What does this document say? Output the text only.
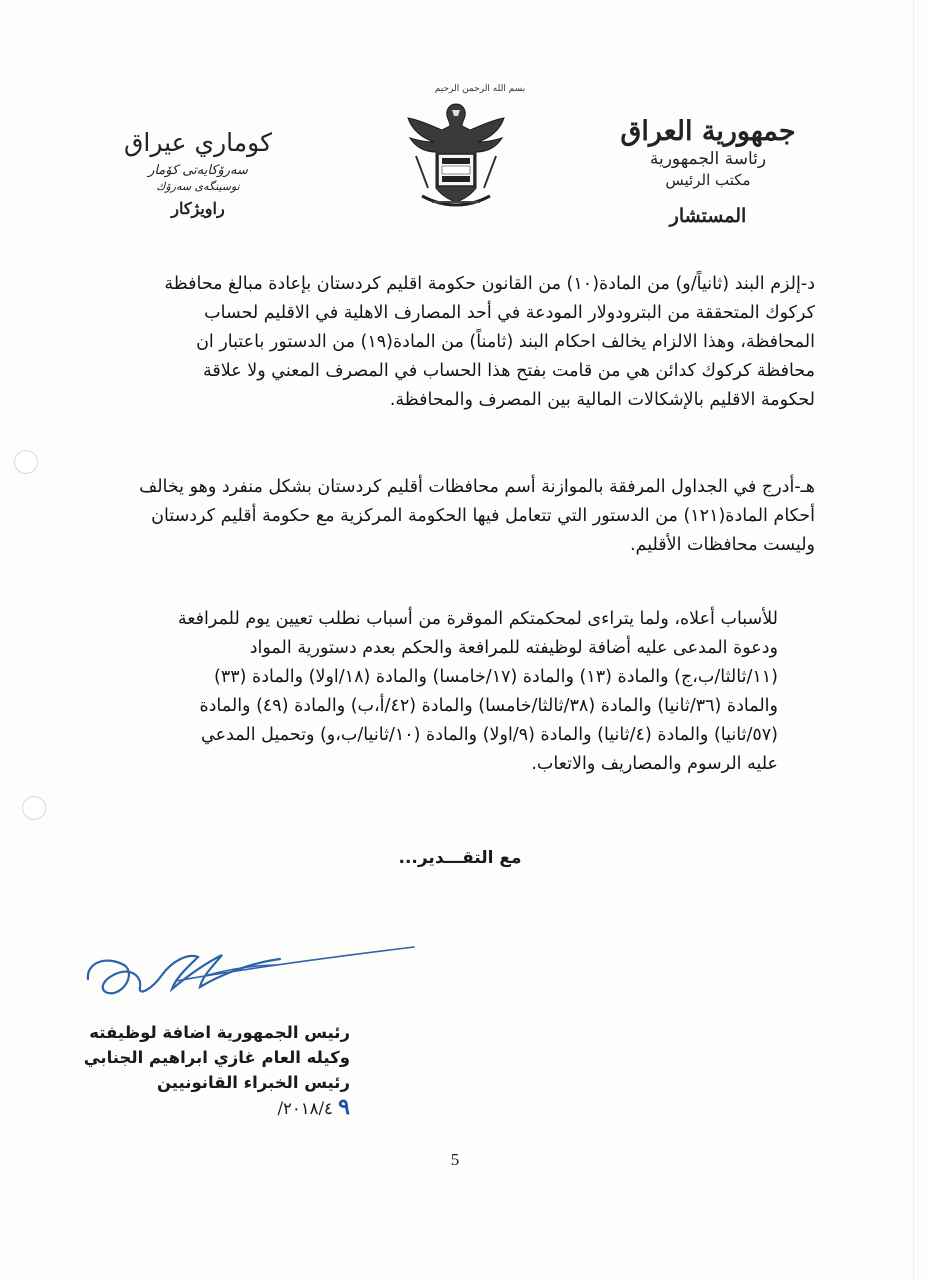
بسم الله الرحمن الرحيم
جمهورية العراق
رئاسة الجمهورية
مكتب الرئيس
المستشار
كوماري عيراق
سەرۆكايەتى كۆمار
نوسينگەى سەرۆك
راويژكار
د-إلزم البند (ثانياً/و) من المادة(١٠) من القانون حكومة اقليم كردستان بإعادة مبالغ محافظة
كركوك المتحققة من البترودولار المودعة في أحد المصارف الاهلية في الاقليم لحساب
المحافظة، وهذا الالزام يخالف احكام البند (ثامناً) من المادة(١٩) من الدستور باعتبار ان
محافظة كركوك كدائن هي من قامت بفتح هذا الحساب في المصرف المعني ولا علاقة
لحكومة الاقليم بالإشكالات المالية بين المصرف والمحافظة.
هـ-أدرج في الجداول المرفقة بالموازنة أسم محافظات أقليم كردستان بشكل منفرد وهو يخالف
أحكام المادة(١٢١) من الدستور التي تتعامل فيها الحكومة المركزية مع حكومة أقليم كردستان
وليست محافظات الأقليم.
للأسباب أعلاه، ولما يتراءى لمحكمتكم الموقرة من أسباب نطلب تعيين يوم للمرافعة
ودعوة المدعى عليه أضافة لوظيفته للمرافعة والحكم بعدم دستورية المواد
(١١/ثالثا/ب،ج) والمادة (١٣) والمادة (١٧/خامسا) والمادة (١٨/اولا) والمادة (٣٣)
والمادة (٣٦/ثانيا) والمادة (٣٨/ثالثا/خامسا) والمادة (٤٢/أ،ب) والمادة (٤٩) والمادة
(٥٧/ثانيا) والمادة (٤/ثانيا) والمادة (٩/اولا) والمادة (١٠/ثانيا/ب،و) وتحميل المدعي
عليه الرسوم والمصاريف والاتعاب.
مع التقـــدير...
رئيس الجمهورية اضافة لوظيفته
وكيله العام غازي ابراهيم الجنابي
رئيس الخبراء القانونيين
٩ ٢٠١٨/٤/
5
